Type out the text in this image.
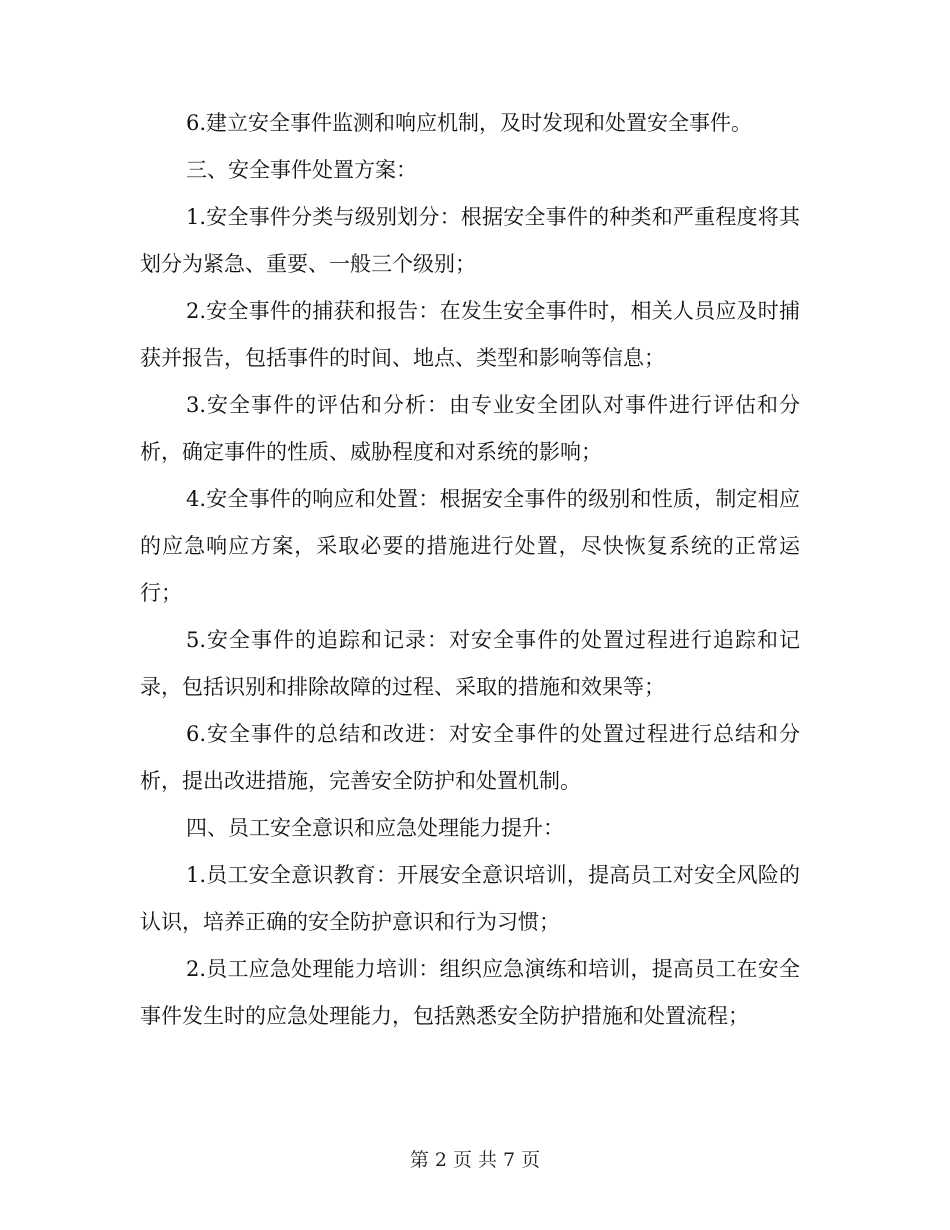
6.建立安全事件监测和响应机制，及时发现和处置安全事件。

三、安全事件处置方案：

1.安全事件分类与级别划分：根据安全事件的种类和严重程度将其划分为紧急、重要、一般三个级别；

2.安全事件的捕获和报告：在发生安全事件时，相关人员应及时捕获并报告，包括事件的时间、地点、类型和影响等信息；

3.安全事件的评估和分析：由专业安全团队对事件进行评估和分析，确定事件的性质、威胁程度和对系统的影响；

4.安全事件的响应和处置：根据安全事件的级别和性质，制定相应的应急响应方案，采取必要的措施进行处置，尽快恢复系统的正常运行；

5.安全事件的追踪和记录：对安全事件的处置过程进行追踪和记录，包括识别和排除故障的过程、采取的措施和效果等；

6.安全事件的总结和改进：对安全事件的处置过程进行总结和分析，提出改进措施，完善安全防护和处置机制。

四、员工安全意识和应急处理能力提升：

1.员工安全意识教育：开展安全意识培训，提高员工对安全风险的认识，培养正确的安全防护意识和行为习惯；

2.员工应急处理能力培训：组织应急演练和培训，提高员工在安全事件发生时的应急处理能力，包括熟悉安全防护措施和处置流程；

第 2 页 共 7 页
